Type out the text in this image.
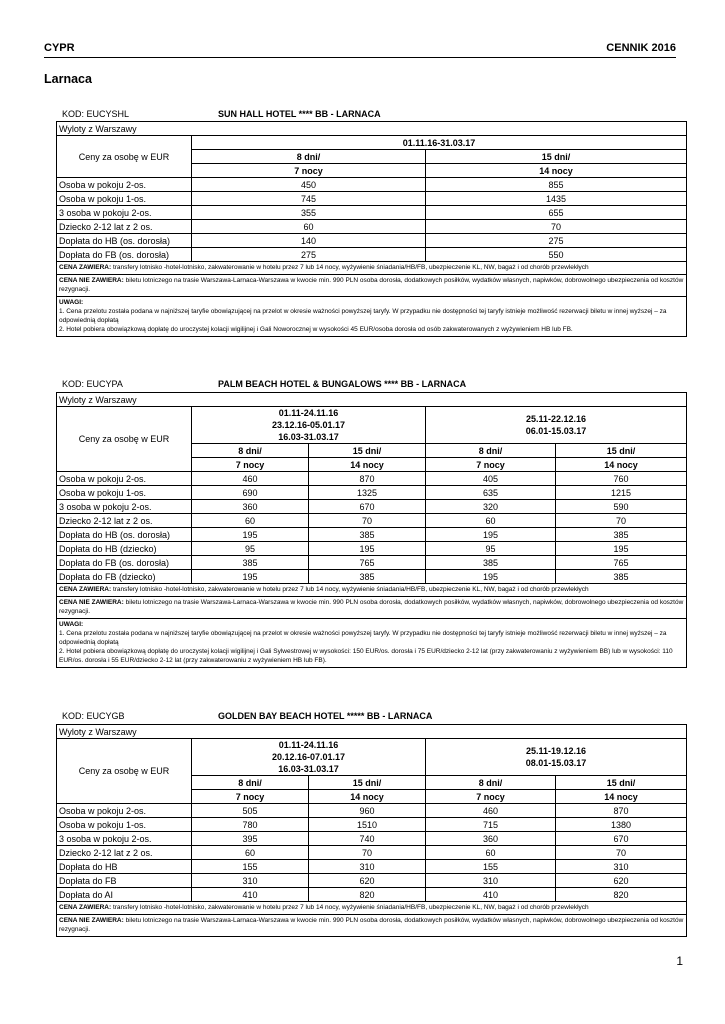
CYPR	CENNIK 2016
Larnaca
KOD: EUCYSHL	SUN HALL HOTEL **** BB - LARNACA
Wyloty z Warszawy		
Ceny za osobę w EUR	01.11.16-31.03.17	
	8 dni/	15 dni/
	7 nocy	14 nocy
Osoba w pokoju 2-os.	450	855
Osoba w pokoju 1-os.	745	1435
3 osoba w pokoju 2-os.	355	655
Dziecko 2-12 lat z 2 os.	60	70
Dopłata do HB (os. dorosła)	140	275
Dopłata do FB (os. dorosła)	275	550
CENA ZAWIERA: transfery lotnisko -hotel-lotnisko, zakwaterowanie w hotelu przez 7 lub 14 nocy, wyżywienie śniadania/HB/FB, ubezpieczenie KL, NW, bagaż i od chorób przewlekłych		
CENA NIE ZAWIERA: biletu lotniczego na trasie Warszawa-Larnaca-Warszawa w kwocie min. 990 PLN osoba dorosła, dodatkowych posiłków, wydatków własnych, napiwków, dobrowolnego ubezpieczenia od kosztów rezygnacji.		
UWAGI:
1. Cena przelotu została podana w najniższej taryfie obowiązującej na przelot w okresie ważności powyższej taryfy. W przypadku nie dostępności tej taryfy istnieje możliwość rezerwacji biletu w innej wyższej – za odpowiednią dopłatą
2. Hotel pobiera obowiązkową dopłatę do uroczystej kolacji wigilijnej i Gali Noworocznej w wysokości 45 EUR/osoba dorosła od osób zakwaterowanych z wyżywieniem HB lub FB.		
KOD: EUCYPA	PALM BEACH HOTEL & BUNGALOWS **** BB - LARNACA
Wyloty z Warszawy				
Ceny za osobę w EUR	01.11-24.11.16
23.12.16-05.01.17
16.03-31.03.17		25.11-22.12.16
06.01-15.03.17	
	8 dni/	15 dni/	8 dni/	15 dni/
	7 nocy	14 nocy	7 nocy	14 nocy
Osoba w pokoju 2-os.	460	870	405	760
Osoba w pokoju 1-os.	690	1325	635	1215
3 osoba w pokoju 2-os.	360	670	320	590
Dziecko 2-12 lat z 2 os.	60	70	60	70
Dopłata do HB (os. dorosła)	195	385	195	385
Dopłata do HB (dziecko)	95	195	95	195
Dopłata do FB (os. dorosła)	385	765	385	765
Dopłata do FB (dziecko)	195	385	195	385
CENA ZAWIERA: transfery lotnisko -hotel-lotnisko, zakwaterowanie w hotelu przez 7 lub 14 nocy, wyżywienie śniadania/HB/FB, ubezpieczenie KL, NW, bagaż i od chorób przewlekłych				
CENA NIE ZAWIERA: biletu lotniczego na trasie Warszawa-Larnaca-Warszawa w kwocie min. 990 PLN osoba dorosła, dodatkowych posiłków, wydatków własnych, napiwków, dobrowolnego ubezpieczenia od kosztów rezygnacji.				
UWAGI:
1. Cena przelotu została podana w najniższej taryfie obowiązującej na przelot w okresie ważności powyższej taryfy. W przypadku nie dostępności tej taryfy istnieje możliwość rezerwacji biletu w innej wyższej – za odpowiednią dopłatą
2. Hotel pobiera obowiązkową dopłatę do uroczystej kolacji wigilijnej i Gali Sylwestrowej w wysokości: 150 EUR/os. dorosła i 75 EUR/dziecko 2-12 lat (przy zakwaterowaniu z wyżywieniem BB) lub w wysokości: 110 EUR/os. dorosła i 55 EUR/dziecko 2-12 lat (przy zakwaterowaniu z wyżywieniem HB lub FB).				
KOD: EUCYGB	GOLDEN BAY BEACH HOTEL ***** BB - LARNACA
Wyloty z Warszawy				
Ceny za osobę w EUR	01.11-24.11.16
20.12.16-07.01.17
16.03-31.03.17		25.11-19.12.16
08.01-15.03.17	
	8 dni/	15 dni/	8 dni/	15 dni/
	7 nocy	14 nocy	7 nocy	14 nocy
Osoba w pokoju 2-os.	505	960	460	870
Osoba w pokoju 1-os.	780	1510	715	1380
3 osoba w pokoju 2-os.	395	740	360	670
Dziecko 2-12 lat z 2 os.	60	70	60	70
Dopłata do HB	155	310	155	310
Dopłata do FB	310	620	310	620
Dopłata do AI	410	820	410	820
CENA ZAWIERA: transfery lotnisko -hotel-lotnisko, zakwaterowanie w hotelu przez 7 lub 14 nocy, wyżywienie śniadania/HB/FB, ubezpieczenie KL, NW, bagaż i od chorób przewlekłych				
CENA NIE ZAWIERA: biletu lotniczego na trasie Warszawa-Larnaca-Warszawa w kwocie min. 990 PLN osoba dorosła, dodatkowych posiłków, wydatków własnych, napiwków, dobrowolnego ubezpieczenia od kosztów rezygnacji.				
1
